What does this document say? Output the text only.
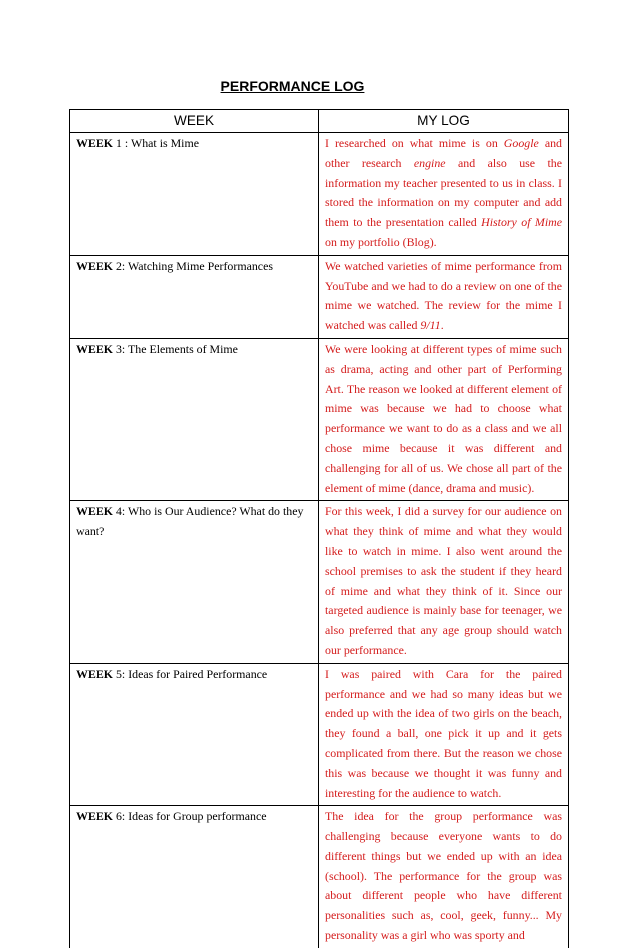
PERFORMANCE LOG
WEEK	MY LOG
WEEK 1 : What is Mime	I researched on what mime is on Google and other research engine and also use the information my teacher presented to us in class. I stored the information on my computer and add them to the presentation called History of Mime on my portfolio (Blog).
WEEK 2: Watching Mime Performances	We watched varieties of mime performance from YouTube and we had to do a review on one of the mime we watched. The review for the mime I watched was called 9/11.
WEEK 3: The Elements of Mime	We were looking at different types of mime such as drama, acting and other part of Performing Art. The reason we looked at different element of mime was because we had to choose what performance we want to do as a class and we all chose mime because it was different and challenging for all of us. We chose all part of the element of mime (dance, drama and music).
WEEK 4: Who is Our Audience? What do they want?	For this week, I did a survey for our audience on what they think of mime and what they would like to watch in mime. I also went around the school premises to ask the student if they heard of mime and what they think of it. Since our targeted audience is mainly base for teenager, we also preferred that any age group should watch our performance.
WEEK 5: Ideas for Paired Performance	I was paired with Cara for the paired performance and we had so many ideas but we ended up with the idea of two girls on the beach, they found a ball, one pick it up and it gets complicated from there. But the reason we chose this was because we thought it was funny and interesting for the audience to watch.
WEEK 6: Ideas for Group performance	The idea for the group performance was challenging because everyone wants to do different things but we ended up with an idea (school). The performance for the group was about different people who have different personalities such as, cool, geek, funny... My personality was a girl who was sporty and
